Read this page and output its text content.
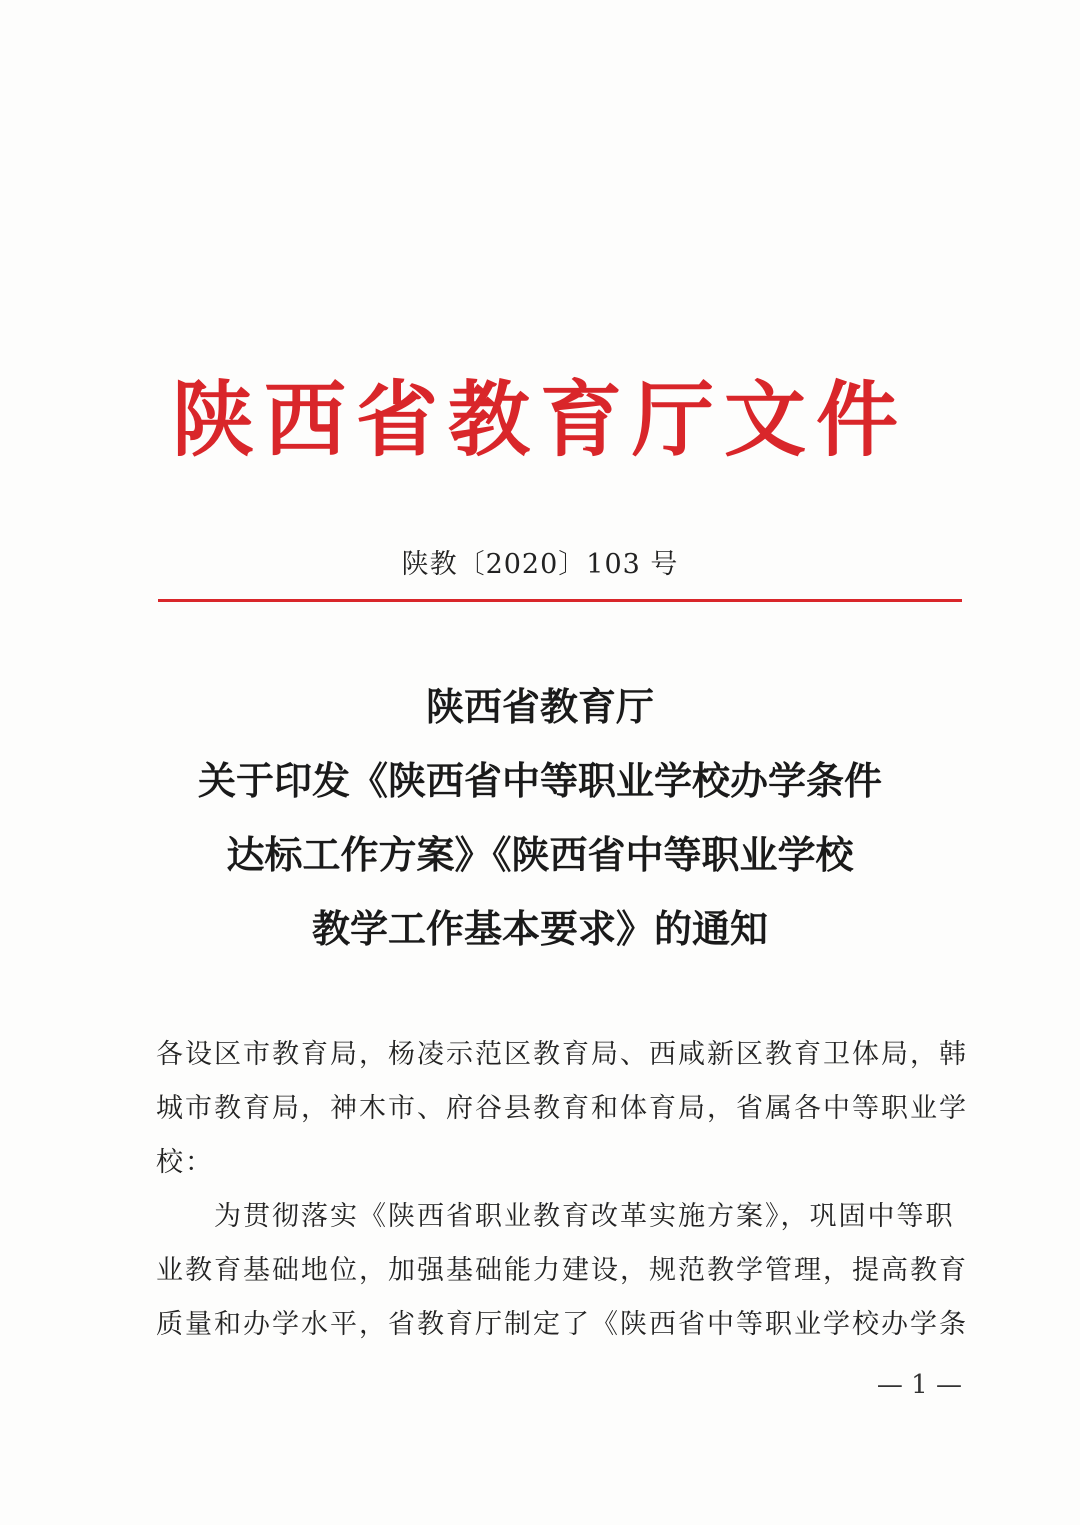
陕西省教育厅文件
陕教〔2020〕103 号
陕西省教育厅
关于印发《陕西省中等职业学校办学条件
达标工作方案》《陕西省中等职业学校
教学工作基本要求》的通知
各设区市教育局，杨凌示范区教育局、西咸新区教育卫体局，韩
城市教育局，神木市、府谷县教育和体育局，省属各中等职业学
校：
为贯彻落实《陕西省职业教育改革实施方案》，巩固中等职
业教育基础地位，加强基础能力建设，规范教学管理，提高教育
质量和办学水平，省教育厅制定了《陕西省中等职业学校办学条
— 1 —
